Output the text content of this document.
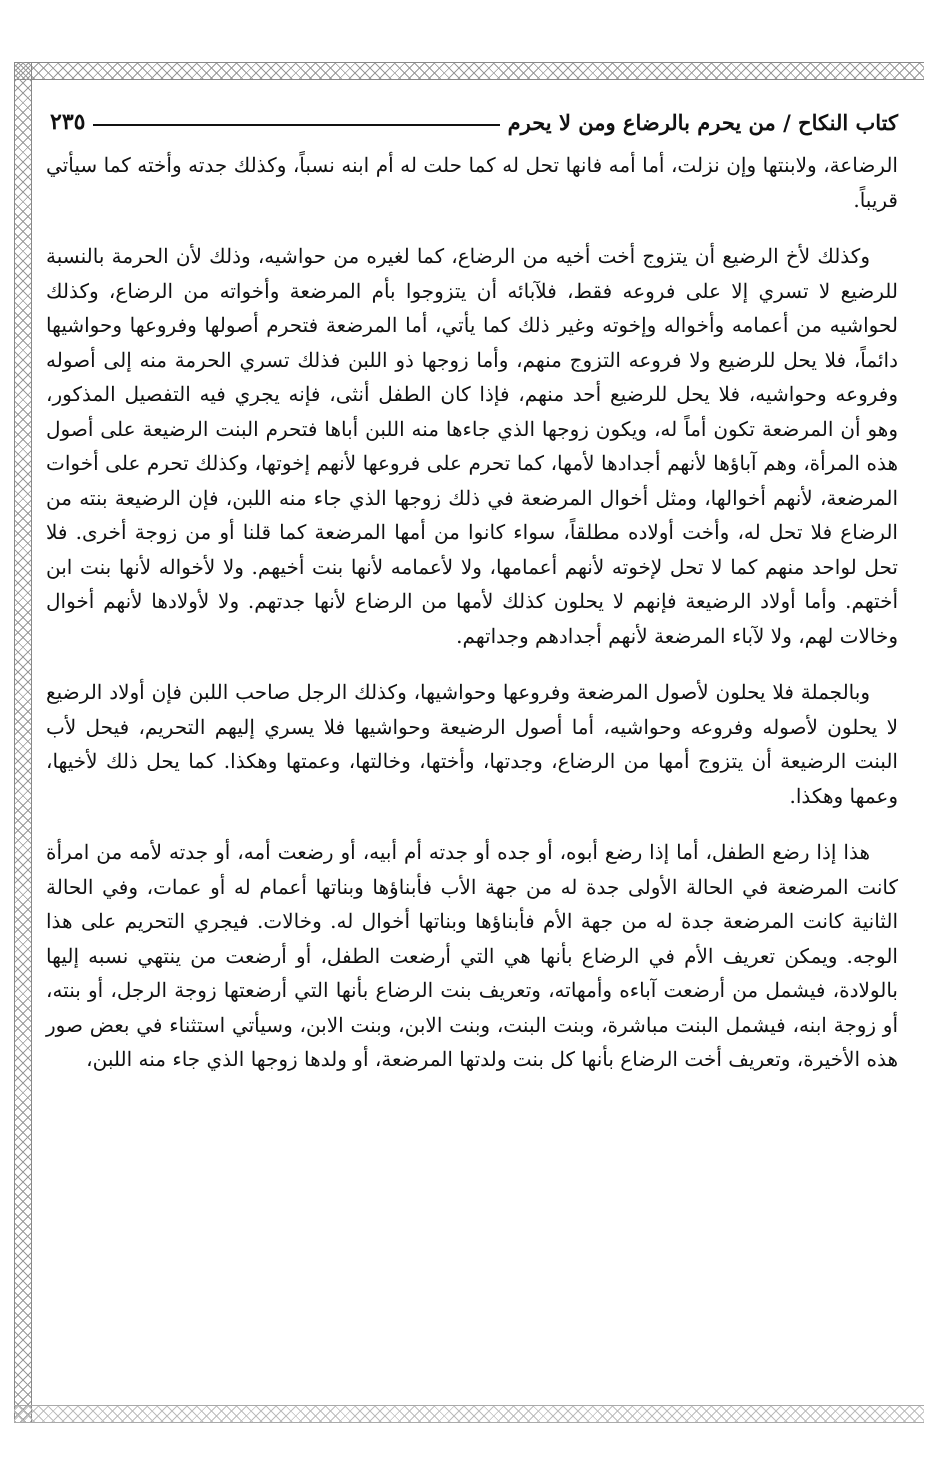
كتاب النكاح / من يحرم بالرضاع ومن لا يحرم
٢٣٥

الرضاعة، ولابنتها وإن نزلت، أما أمه فانها تحل له كما حلت له أم ابنه نسباً، وكذلك جدته وأخته كما سيأتي قريباً.

وكذلك لأخ الرضيع أن يتزوج أخت أخيه من الرضاع، كما لغيره من حواشيه، وذلك لأن الحرمة بالنسبة للرضيع لا تسري إلا على فروعه فقط، فلآبائه أن يتزوجوا بأم المرضعة وأخواته من الرضاع، وكذلك لحواشيه من أعمامه وأخواله وإخوته وغير ذلك كما يأتي، أما المرضعة فتحرم أصولها وفروعها وحواشيها دائماً، فلا يحل للرضيع ولا فروعه التزوج منهم، وأما زوجها ذو اللبن فذلك تسري الحرمة منه إلى أصوله وفروعه وحواشيه، فلا يحل للرضيع أحد منهم، فإذا كان الطفل أنثى، فإنه يجري فيه التفصيل المذكور، وهو أن المرضعة تكون أماً له، ويكون زوجها الذي جاءها منه اللبن أباها فتحرم البنت الرضيعة على أصول هذه المرأة، وهم آباؤها لأنهم أجدادها لأمها، كما تحرم على فروعها لأنهم إخوتها، وكذلك تحرم على أخوات المرضعة، لأنهم أخوالها، ومثل أخوال المرضعة في ذلك زوجها الذي جاء منه اللبن، فإن الرضيعة بنته من الرضاع فلا تحل له، وأخت أولاده مطلقاً، سواء كانوا من أمها المرضعة كما قلنا أو من زوجة أخرى. فلا تحل لواحد منهم كما لا تحل لإخوته لأنهم أعمامها، ولا لأعمامه لأنها بنت أخيهم. ولا لأخواله لأنها بنت ابن أختهم. وأما أولاد الرضيعة فإنهم لا يحلون كذلك لأمها من الرضاع لأنها جدتهم. ولا لأولادها لأنهم أخوال وخالات لهم، ولا لآباء المرضعة لأنهم أجدادهم وجداتهم.

وبالجملة فلا يحلون لأصول المرضعة وفروعها وحواشيها، وكذلك الرجل صاحب اللبن فإن أولاد الرضيع لا يحلون لأصوله وفروعه وحواشيه، أما أصول الرضيعة وحواشيها فلا يسري إليهم التحريم، فيحل لأب البنت الرضيعة أن يتزوج أمها من الرضاع، وجدتها، وأختها، وخالتها، وعمتها وهكذا. كما يحل ذلك لأخيها، وعمها وهكذا.

هذا إذا رضع الطفل، أما إذا رضع أبوه، أو جده أو جدته أم أبيه، أو رضعت أمه، أو جدته لأمه من امرأة كانت المرضعة في الحالة الأولى جدة له من جهة الأب فأبناؤها وبناتها أعمام له أو عمات، وفي الحالة الثانية كانت المرضعة جدة له من جهة الأم فأبناؤها وبناتها أخوال له. وخالات. فيجري التحريم على هذا الوجه. ويمكن تعريف الأم في الرضاع بأنها هي التي أرضعت الطفل، أو أرضعت من ينتهي نسبه إليها بالولادة، فيشمل من أرضعت آباءه وأمهاته، وتعريف بنت الرضاع بأنها التي أرضعتها زوجة الرجل، أو بنته، أو زوجة ابنه، فيشمل البنت مباشرة، وبنت البنت، وبنت الابن، وبنت الابن، وسيأتي استثناء في بعض صور هذه الأخيرة، وتعريف أخت الرضاع بأنها كل بنت ولدتها المرضعة، أو ولدها زوجها الذي جاء منه اللبن،
